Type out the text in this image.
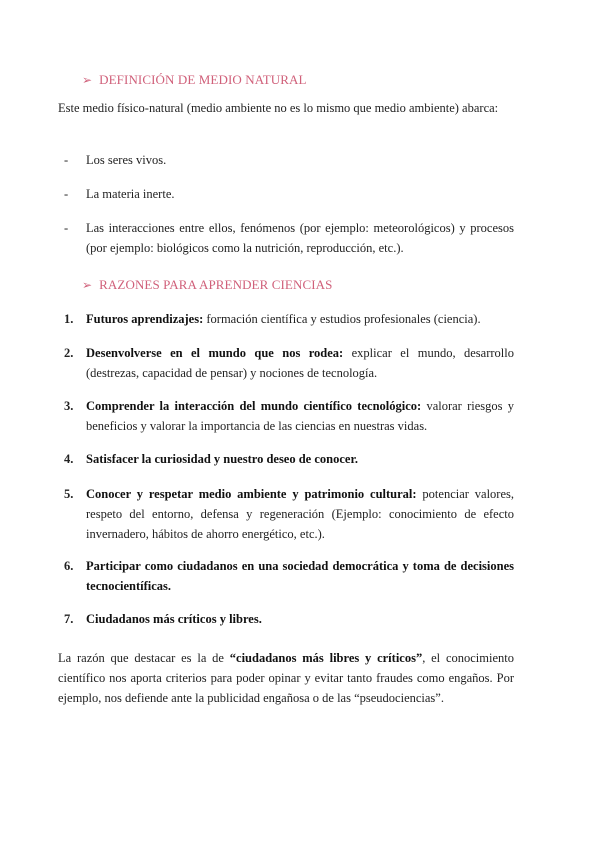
➢ DEFINICIÓN DE MEDIO NATURAL
Este medio físico-natural (medio ambiente no es lo mismo que medio ambiente) abarca:
-	Los seres vivos.
-	La materia inerte.
-	Las interacciones entre ellos, fenómenos (por ejemplo: meteorológicos) y procesos (por ejemplo: biológicos como la nutrición, reproducción, etc.).
➢ RAZONES PARA APRENDER CIENCIAS
1.	Futuros aprendizajes: formación científica y estudios profesionales (ciencia).
2.	Desenvolverse en el mundo que nos rodea: explicar el mundo, desarrollo (destrezas, capacidad de pensar) y nociones de tecnología.
3.	Comprender la interacción del mundo científico tecnológico: valorar riesgos y beneficios y valorar la importancia de las ciencias en nuestras vidas.
4.	Satisfacer la curiosidad y nuestro deseo de conocer.
5.	Conocer y respetar medio ambiente y patrimonio cultural: potenciar valores, respeto del entorno, defensa y regeneración (Ejemplo: conocimiento de efecto invernadero, hábitos de ahorro energético, etc.).
6.	Participar como ciudadanos en una sociedad democrática y toma de decisiones tecnocientíficas.
7.	Ciudadanos más críticos y libres.
La razón que destacar es la de “ciudadanos más libres y críticos”, el conocimiento científico nos aporta criterios para poder opinar y evitar tanto fraudes como engaños. Por ejemplo, nos defiende ante la publicidad engañosa o de las “pseudociencias”.
